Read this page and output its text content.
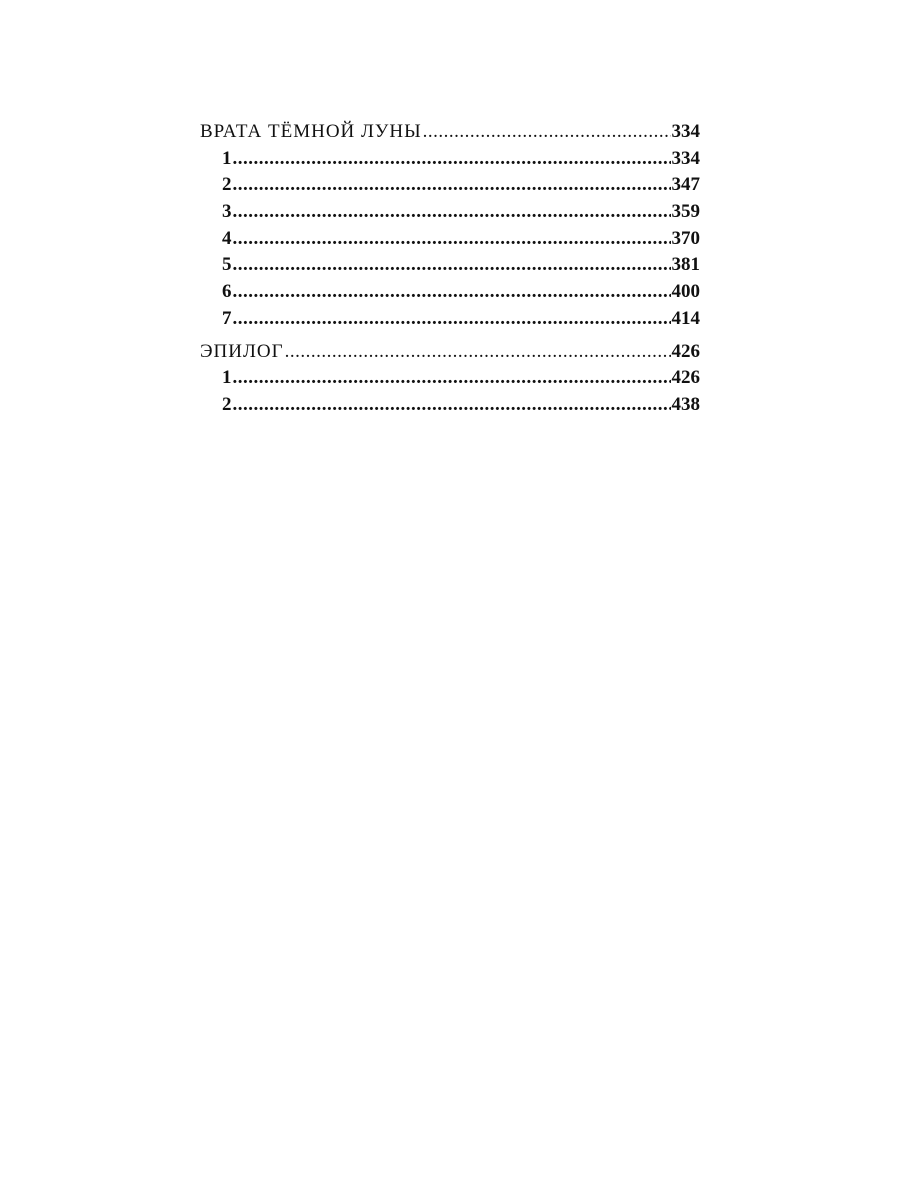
ВРАТА ТЁМНОЙ ЛУНЫ .....	334
1 .....	334
2 .....	347
3 .....	359
4 .....	370
5 .....	381
6 .....	400
7 .....	414
ЭПИЛОГ .....	426
1 .....	426
2 .....	438
